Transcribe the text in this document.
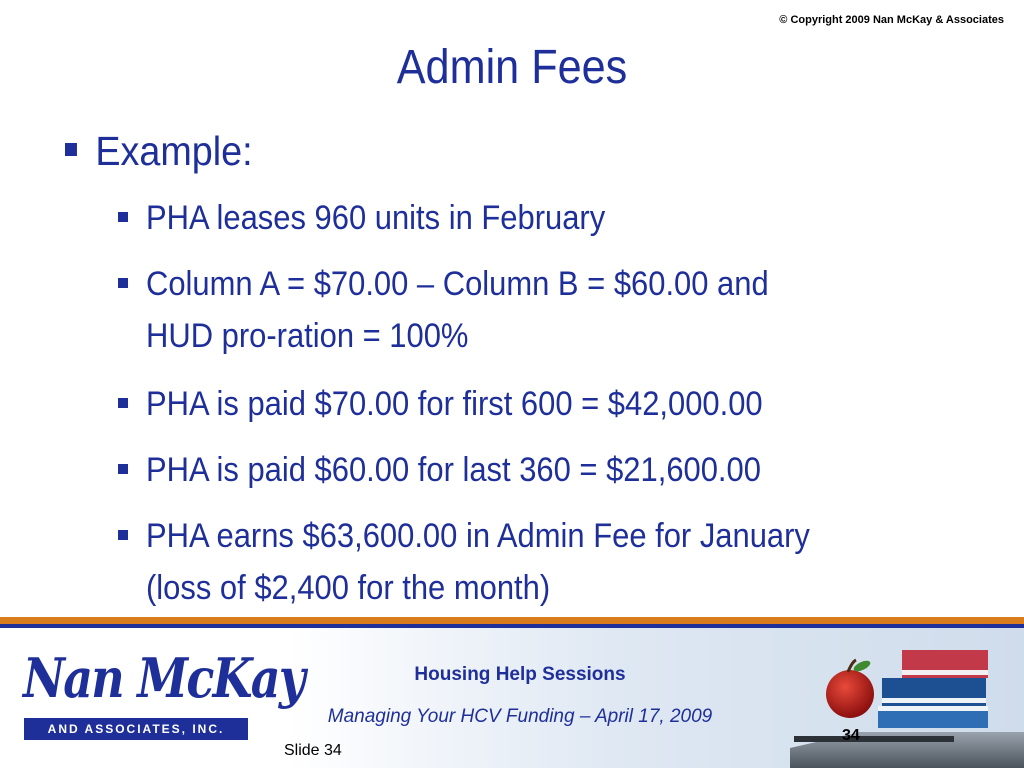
© Copyright 2009 Nan McKay & Associates
Admin Fees
Example:
PHA leases 960 units in February
Column A = $70.00 – Column B = $60.00 and
HUD pro-ration = 100%
PHA is paid $70.00 for first 600 = $42,000.00
PHA is paid $60.00 for last 360 = $21,600.00
PHA earns $63,600.00 in Admin Fee for January
(loss of $2,400 for the month)
Nan McKay
AND ASSOCIATES, INC.
Housing Help Sessions
Managing Your HCV Funding – April 17, 2009
Slide 34
34
